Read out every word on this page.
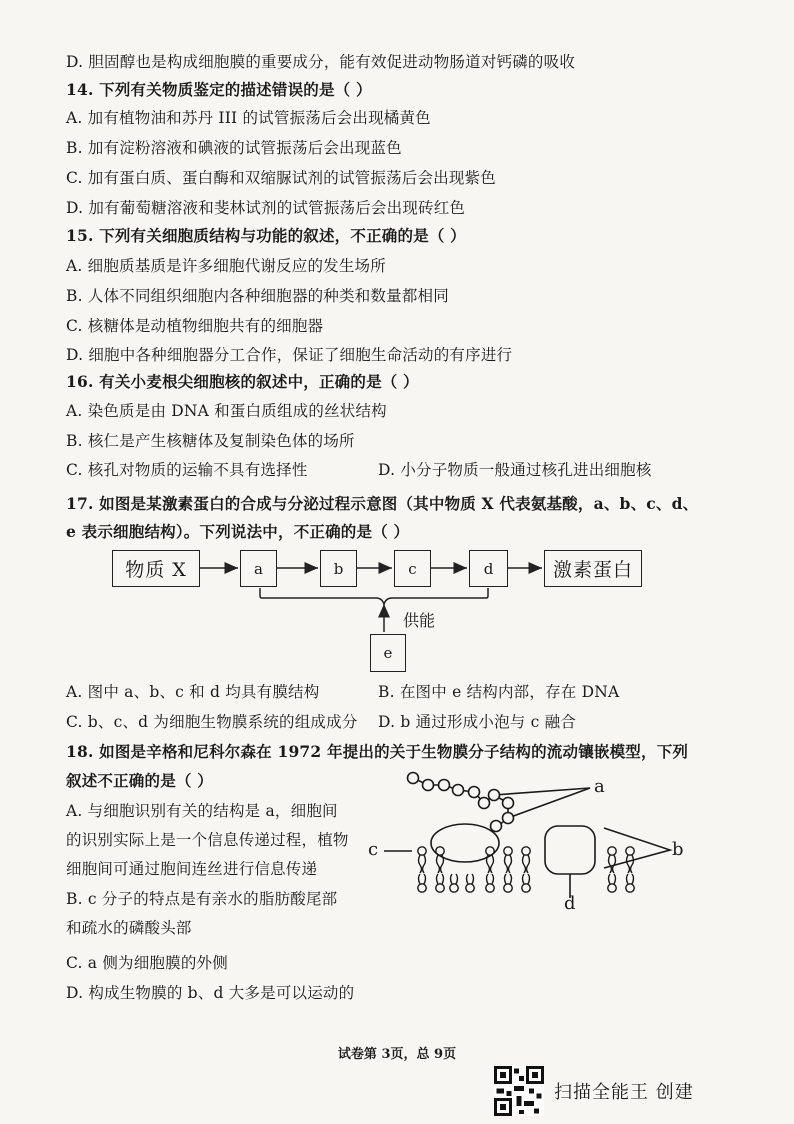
D. 胆固醇也是构成细胞膜的重要成分，能有效促进动物肠道对钙磷的吸收
14. 下列有关物质鉴定的描述错误的是（ ）
A. 加有植物油和苏丹 III 的试管振荡后会出现橘黄色
B. 加有淀粉溶液和碘液的试管振荡后会出现蓝色
C. 加有蛋白质、蛋白酶和双缩脲试剂的试管振荡后会出现紫色
D. 加有葡萄糖溶液和斐林试剂的试管振荡后会出现砖红色
15. 下列有关细胞质结构与功能的叙述，不正确的是（ ）
A. 细胞质基质是许多细胞代谢反应的发生场所
B. 人体不同组织细胞内各种细胞器的种类和数量都相同
C. 核糖体是动植物细胞共有的细胞器
D. 细胞中各种细胞器分工合作，保证了细胞生命活动的有序进行
16. 有关小麦根尖细胞核的叙述中，正确的是（ ）
A. 染色质是由 DNA 和蛋白质组成的丝状结构
B. 核仁是产生核糖体及复制染色体的场所
C. 核孔对物质的运输不具有选择性
17. 如图是某激素蛋白的合成与分泌过程示意图（其中物质 X 代表氨基酸，a、b、c、d、
e 表示细胞结构）。下列说法中，不正确的是（ ）
A. 图中 a、b、c 和 d 均具有膜结构
C. b、c、d 为细胞生物膜系统的组成成分
18. 如图是辛格和尼科尔森在 1972 年提出的关于生物膜分子结构的流动镶嵌模型，下列
叙述不正确的是（ ）
A. 与细胞识别有关的结构是 a，细胞间
的识别实际上是一个信息传递过程，植物
细胞间可通过胞间连丝进行信息传递
B. c 分子的特点是有亲水的脂肪酸尾部
和疏水的磷酸头部
C. a 侧为细胞膜的外侧
D. 构成生物膜的 b、d 大多是可以运动的
D. 小分子物质一般通过核孔进出细胞核
B. 在图中 e 结构内部，存在 DNA
D. b 通过形成小泡与 c 融合
物质 X	a	b	c	d	激素蛋白
e
供能
a
b
c
d
试卷第 3页，总 9页
扫描全能王 创建
